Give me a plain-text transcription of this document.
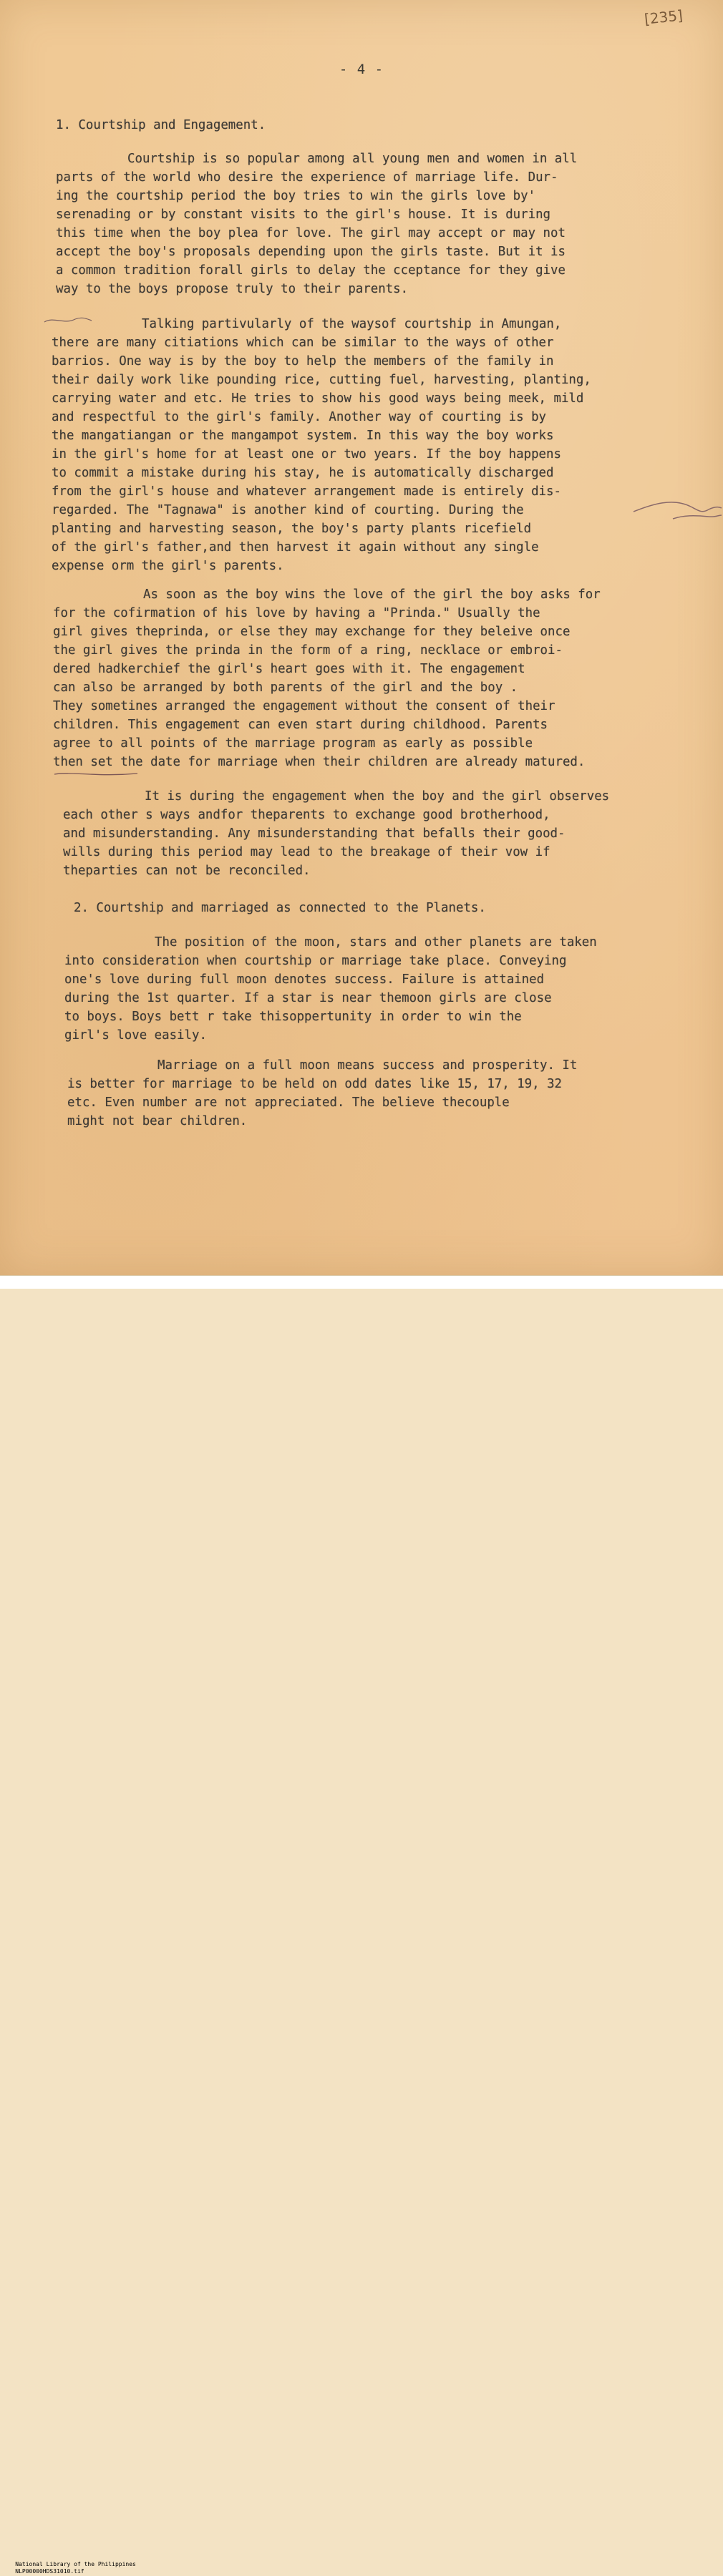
[235]
- 4 -
1. Courtship and Engagement.
Courtship is so popular among all young men and women in all
parts of the world who desire the experience of marriage life. Dur-
ing the courtship period the boy tries to win the girls love by'
serenading or by constant visits to the girl's house. It is during
this time when the boy plea for love. The girl may accept or may not
accept the boy's proposals depending upon the girls taste. But it is
a common tradition forall girls to delay the cceptance for they give
way to the boys propose truly to their parents.
Talking partivularly of the waysof courtship in Amungan,
there are many citiations which can be similar to the ways of other
barrios. One way is by the boy to help the members of the family in
their daily work like pounding rice, cutting fuel, harvesting, planting,
carrying water and etc. He tries to show his good ways being meek, mild
and respectful to the girl's family. Another way of courting is by
the mangatiangan or the mangampot system. In this way the boy works
in the girl's home for at least one or two years. If the boy happens
to commit a mistake during his stay, he is automatically discharged
from the girl's house and whatever arrangement made is entirely dis-
regarded. The "Tagnawa" is another kind of courting. During the
planting and harvesting season, the boy's party plants ricefield
of the girl's father,and then harvest it again without any single
expense orm the girl's parents.
As soon as the boy wins the love of the girl the boy asks for
for the cofirmation of his love by having a "Prinda." Usually the
girl gives theprinda, or else they may exchange for they beleive once
the girl gives the prinda in the form of a ring, necklace or embroi-
dered hadkerchief the girl's heart goes with it. The engagement
can also be arranged by both parents of the girl and the boy .
They sometines arranged the engagement without the consent of their
children. This engagement can even start during childhood. Parents
agree to all points of the marriage program as early as possible
then set the date for marriage when their children are already matured.
It is during the engagement when the boy and the girl observes
each other s ways andfor theparents to exchange good brotherhood,
and misunderstanding. Any misunderstanding that befalls their good-
wills during this period may lead to the breakage of their vow if
theparties can not be reconciled.
2. Courtship and marriaged as connected to the Planets.
The position of the moon, stars and other planets are taken
into consideration when courtship or marriage take place. Conveying
one's love during full moon denotes success. Failure is attained
during the 1st quarter. If a star is near themoon girls are close
to boys. Boys bett r take thisoppertunity in order to win the
girl's love easily.
Marriage on a full moon means success and prosperity. It
is better for marriage to be held on odd dates like 15, 17, 19, 32
etc. Even number are not appreciated. The believe thecouple
might not bear children.

National Library of the Philippines
NLP00000HDS31010.tif
